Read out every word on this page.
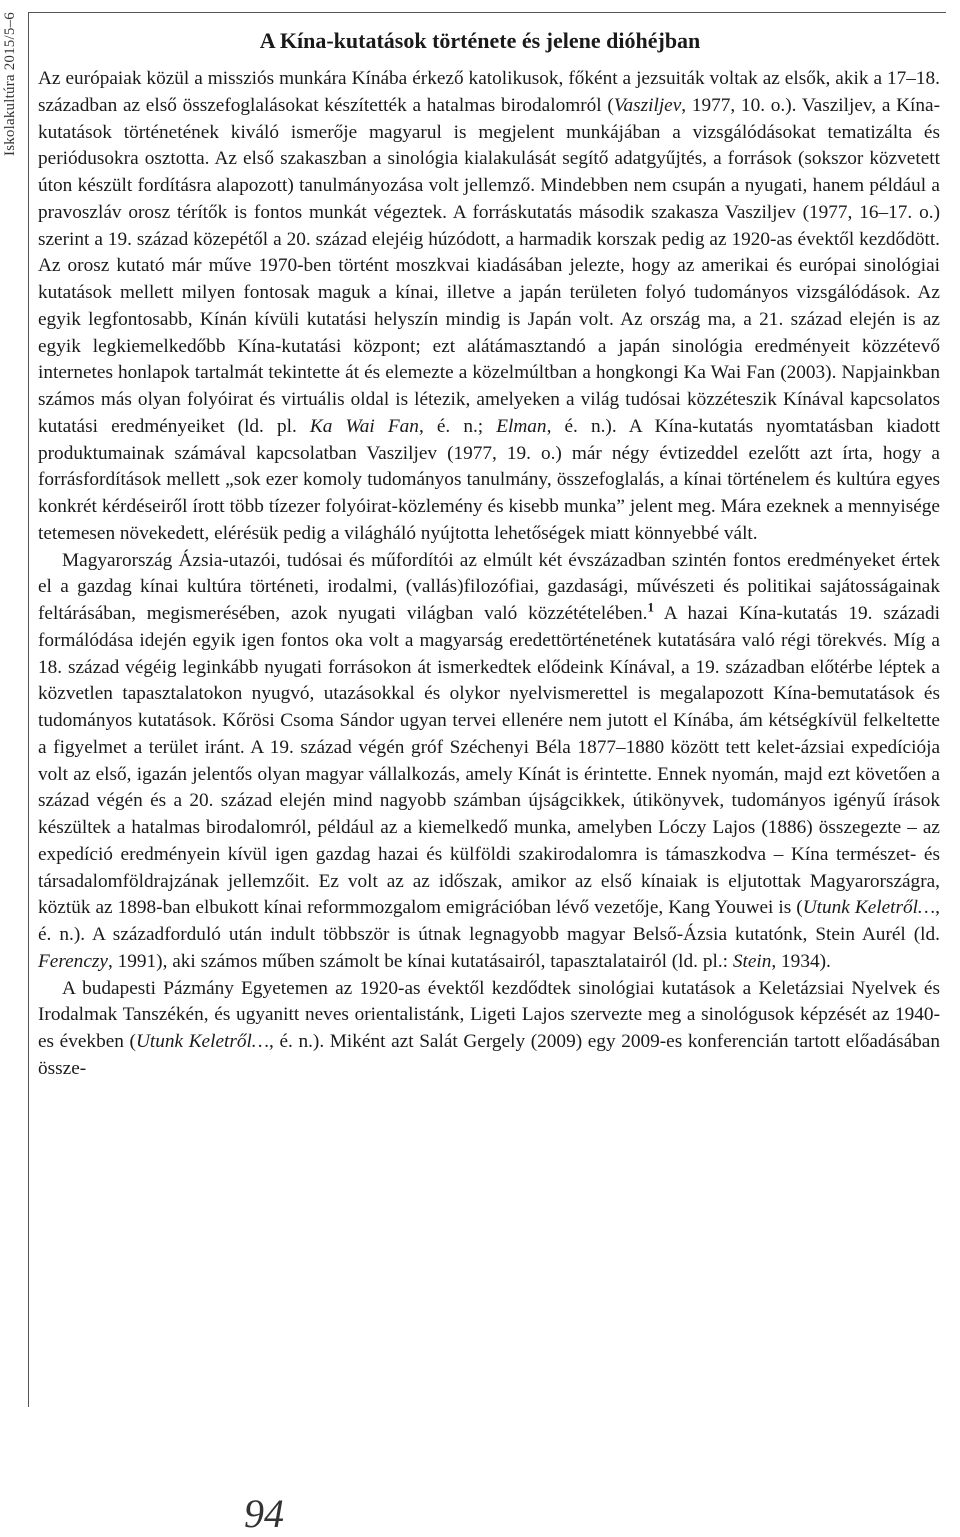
Iskolakultúra 2015/5–6	A Kína-kutatások története és jelene dióhéjban

Az európaiak közül a missziós munkára Kínába érkező katolikusok, főként a jezsuiták voltak az elsők, akik a 17–18. században az első összefoglalásokat készítették a hatalmas birodalomról (Vasziljev, 1977, 10. o.). Vasziljev, a Kína-kutatások történetének kiváló ismerője magyarul is megjelent munkájában a vizsgálódásokat tematizálta és periódusokra osztotta. Az első szakaszban a sinológia kialakulását segítő adatgyűjtés, a források (sokszor közvetett úton készült fordításra alapozott) tanulmányozása volt jellemző. Mindebben nem csupán a nyugati, hanem például a pravoszláv orosz térítők is fontos munkát végeztek. A forráskutatás második szakasza Vasziljev (1977, 16–17. o.) szerint a 19. század közepétől a 20. század elejéig húzódott, a harmadik korszak pedig az 1920-as évektől kezdődött. Az orosz kutató már műve 1970-ben történt moszkvai kiadásában jelezte, hogy az amerikai és európai sinológiai kutatások mellett milyen fontosak maguk a kínai, illetve a japán területen folyó tudományos vizsgálódások. Az egyik legfontosabb, Kínán kívüli kutatási helyszín mindig is Japán volt. Az ország ma, a 21. század elején is az egyik legkiemelkedőbb Kína-kutatási központ; ezt alátámasztandó a japán sinológia eredményeit közzétevő internetes honlapok tartalmát tekintette át és elemezte a közelmúltban a hongkongi Ka Wai Fan (2003). Napjainkban számos más olyan folyóirat és virtuális oldal is létezik, amelyeken a világ tudósai közzéteszik Kínával kapcsolatos kutatási eredményeiket (ld. pl. Ka Wai Fan, é. n.; Elman, é. n.). A Kína-kutatás nyomtatásban kiadott produktumainak számával kapcsolatban Vasziljev (1977, 19. o.) már négy évtizeddel ezelőtt azt írta, hogy a forrásfordítások mellett „sok ezer komoly tudományos tanulmány, összefoglalás, a kínai történelem és kultúra egyes konkrét kérdéseiről írott több tízezer folyóirat-közlemény és kisebb munka” jelent meg. Mára ezeknek a mennyisége tetemesen növekedett, elérésük pedig a világháló nyújtotta lehetőségek miatt könnyebbé vált.

Magyarország Ázsia-utazói, tudósai és műfordítói az elmúlt két évszázadban szintén fontos eredményeket értek el a gazdag kínai kultúra történeti, irodalmi, (vallás)filozófiai, gazdasági, művészeti és politikai sajátosságainak feltárásában, megismerésében, azok nyugati világban való közzétételében.$^1$ A hazai Kína-kutatás 19. századi formálódása idején egyik igen fontos oka volt a magyarság eredettörténetének kutatására való régi törekvés. Míg a 18. század végéig leginkább nyugati forrásokon át ismerkedtek elődeink Kínával, a 19. században előtérbe léptek a közvetlen tapasztalatokon nyugvó, utazásokkal és olykor nyelvismerettel is megalapozott Kína-bemutatások és tudományos kutatások. Kőrösi Csoma Sándor ugyan tervei ellenére nem jutott el Kínába, ám kétségkívül felkeltette a figyelmet a terület iránt. A 19. század végén gróf Széchenyi Béla 1877–1880 között tett kelet-ázsiai expedíciója volt az első, igazán jelentős olyan magyar vállalkozás, amely Kínát is érintette. Ennek nyomán, majd ezt követően a század végén és a 20. század elején mind nagyobb számban újságcikkek, útikönyvek, tudományos igényű írások készültek a hatalmas birodalomról, például az a kiemelkedő munka, amelyben Lóczy Lajos (1886) összegezte – az expedíció eredményein kívül igen gazdag hazai és külföldi szakirodalomra is támaszkodva – Kína természet- és társadalomföldrajzának jellemzőit. Ez volt az az időszak, amikor az első kínaiak is eljutottak Magyarországra, köztük az 1898-ban elbukott kínai reformmozgalom emigrációban lévő vezetője, Kang Youwei is (Utunk Keletről…, é. n.). A századforduló után indult többször is útnak legnagyobb magyar Belső-Ázsia kutatónk, Stein Aurél (ld. Ferenczy, 1991), aki számos műben számolt be kínai kutatásairól, tapasztalatairól (ld. pl.: Stein, 1934).

A budapesti Pázmány Egyetemen az 1920-as évektől kezdődtek sinológiai kutatások a Keletázsiai Nyelvek és Irodalmak Tanszékén, és ugyanitt neves orientalistánk, Ligeti Lajos szervezte meg a sinológusok képzését az 1940-es években (Utunk Keletről…, é. n.). Miként azt Salát Gergely (2009) egy 2009-es konferencián tartott előadásában össze-

94
